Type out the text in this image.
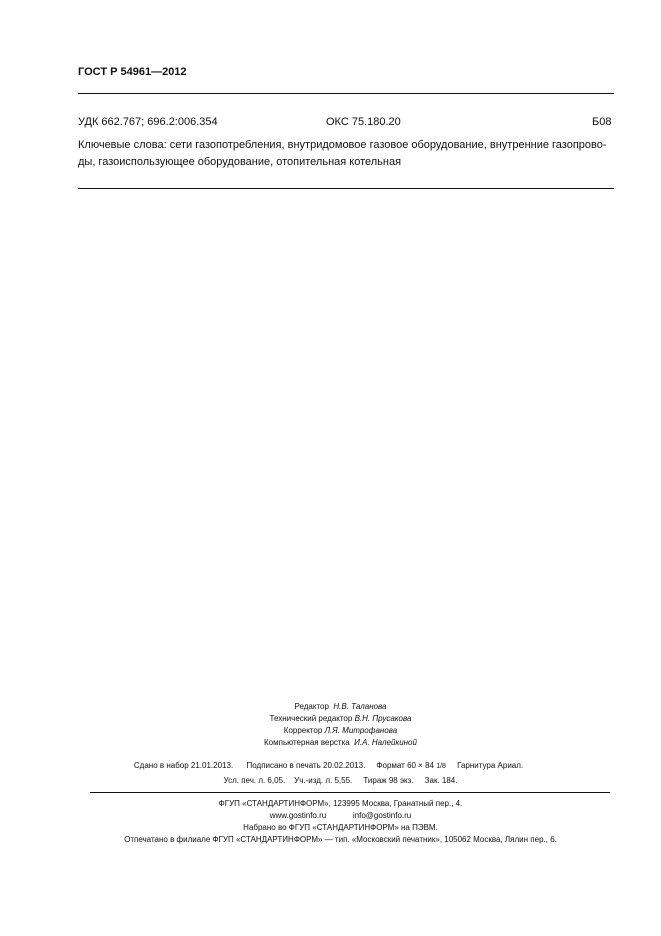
ГОСТ Р 54961—2012
УДК 662.767; 696.2:006.354	ОКС 75.180.20	Б08
Ключевые слова: сети газопотребления, внутридомовое газовое оборудование, внутренние газопрово-
ды, газоиспользующее оборудование, отопительная котельная
Редактор Н.В. Таланова
Технический редактор В.Н. Прусакова
Корректор Л.Я. Митрофанова
Компьютерная верстка И.А. Налейкиной
Сдано в набор 21.01.2013. Подписано в печать 20.02.2013. Формат 60 × 84 1/8 Гарнитура Ариал.
Усл. печ. л. 6,05. Уч.-изд. л. 5,55. Тираж 98 экз. Зак. 184.
ФГУП «СТАНДАРТИНФОРМ», 123995 Москва, Гранатный пер., 4.
www.gostinfo.ru	info@gostinfo.ru
Набрано во ФГУП «СТАНДАРТИНФОРМ» на ПЭВМ.
Отпечатано в филиале ФГУП «СТАНДАРТИНФОРМ» — тип. «Московский печатник», 105062 Москва, Лялин пер., 6.
